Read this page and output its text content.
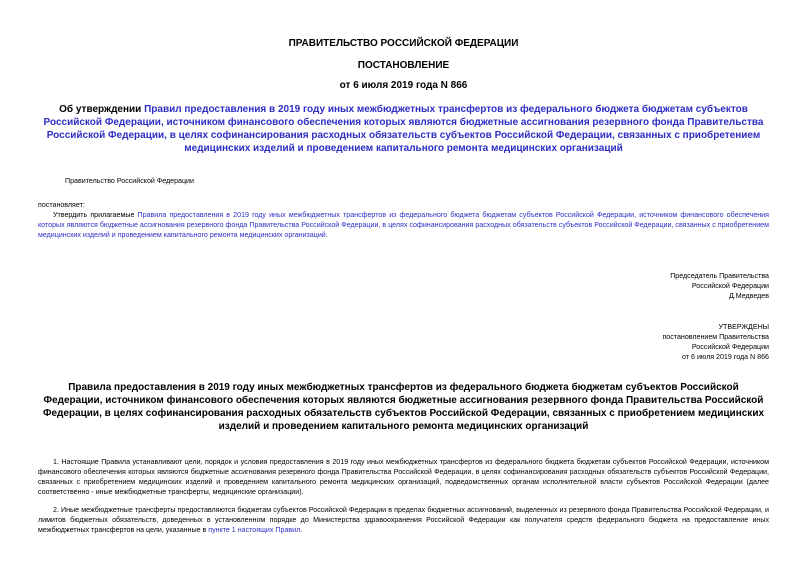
ПРАВИТЕЛЬСТВО РОССИЙСКОЙ ФЕДЕРАЦИИ
ПОСТАНОВЛЕНИЕ
от 6 июля 2019 года N 866
Об утверждении Правил предоставления в 2019 году иных межбюджетных трансфертов из федерального бюджета бюджетам субъектов Российской Федерации, источником финансового обеспечения которых являются бюджетные ассигнования резервного фонда Правительства Российской Федерации, в целях софинансирования расходных обязательств субъектов Российской Федерации, связанных с приобретением медицинских изделий и проведением капитального ремонта медицинских организаций
Правительство Российской Федерации
постановляет:
Утвердить прилагаемые Правила предоставления в 2019 году иных межбюджетных трансфертов из федерального бюджета бюджетам субъектов Российской Федерации, источником финансового обеспечения которых являются бюджетные ассигнования резервного фонда Правительства Российской Федерации, в целях софинансирования расходных обязательств субъектов Российской Федерации, связанных с приобретением медицинских изделий и проведением капитального ремонта медицинских организаций.
Председатель Правительства
Российской Федерации
Д.Медведев
УТВЕРЖДЕНЫ
постановлением Правительства
Российской Федерации
от 6 июля 2019 года N 866
Правила предоставления в 2019 году иных межбюджетных трансфертов из федерального бюджета бюджетам субъектов Российской Федерации, источником финансового обеспечения которых являются бюджетные ассигнования резервного фонда Правительства Российской Федерации, в целях софинансирования расходных обязательств субъектов Российской Федерации, связанных с приобретением медицинских изделий и проведением капитального ремонта медицинских организаций
1. Настоящие Правила устанавливают цели, порядок и условия предоставления в 2019 году иных межбюджетных трансфертов из федерального бюджета бюджетам субъектов Российской Федерации, источником финансового обеспечения которых являются бюджетные ассигнования резервного фонда Правительства Российской Федерации, в целях софинансирования расходных обязательств субъектов Российской Федерации, связанных с приобретением медицинских изделий и проведением капитального ремонта медицинских организаций, подведомственных органам исполнительной власти субъектов Российской Федерации (далее соответственно - иные межбюджетные трансферты, медицинские организации).
2. Иные межбюджетные трансферты предоставляются бюджетам субъектов Российской Федерации в пределах бюджетных ассигнований, выделенных из резервного фонда Правительства Российской Федерации, и лимитов бюджетных обязательств, доведенных в установленном порядке до Министерства здравоохранения Российской Федерации как получателя средств федерального бюджета на предоставление иных межбюджетных трансфертов на цели, указанные в пункте 1 настоящих Правил.
